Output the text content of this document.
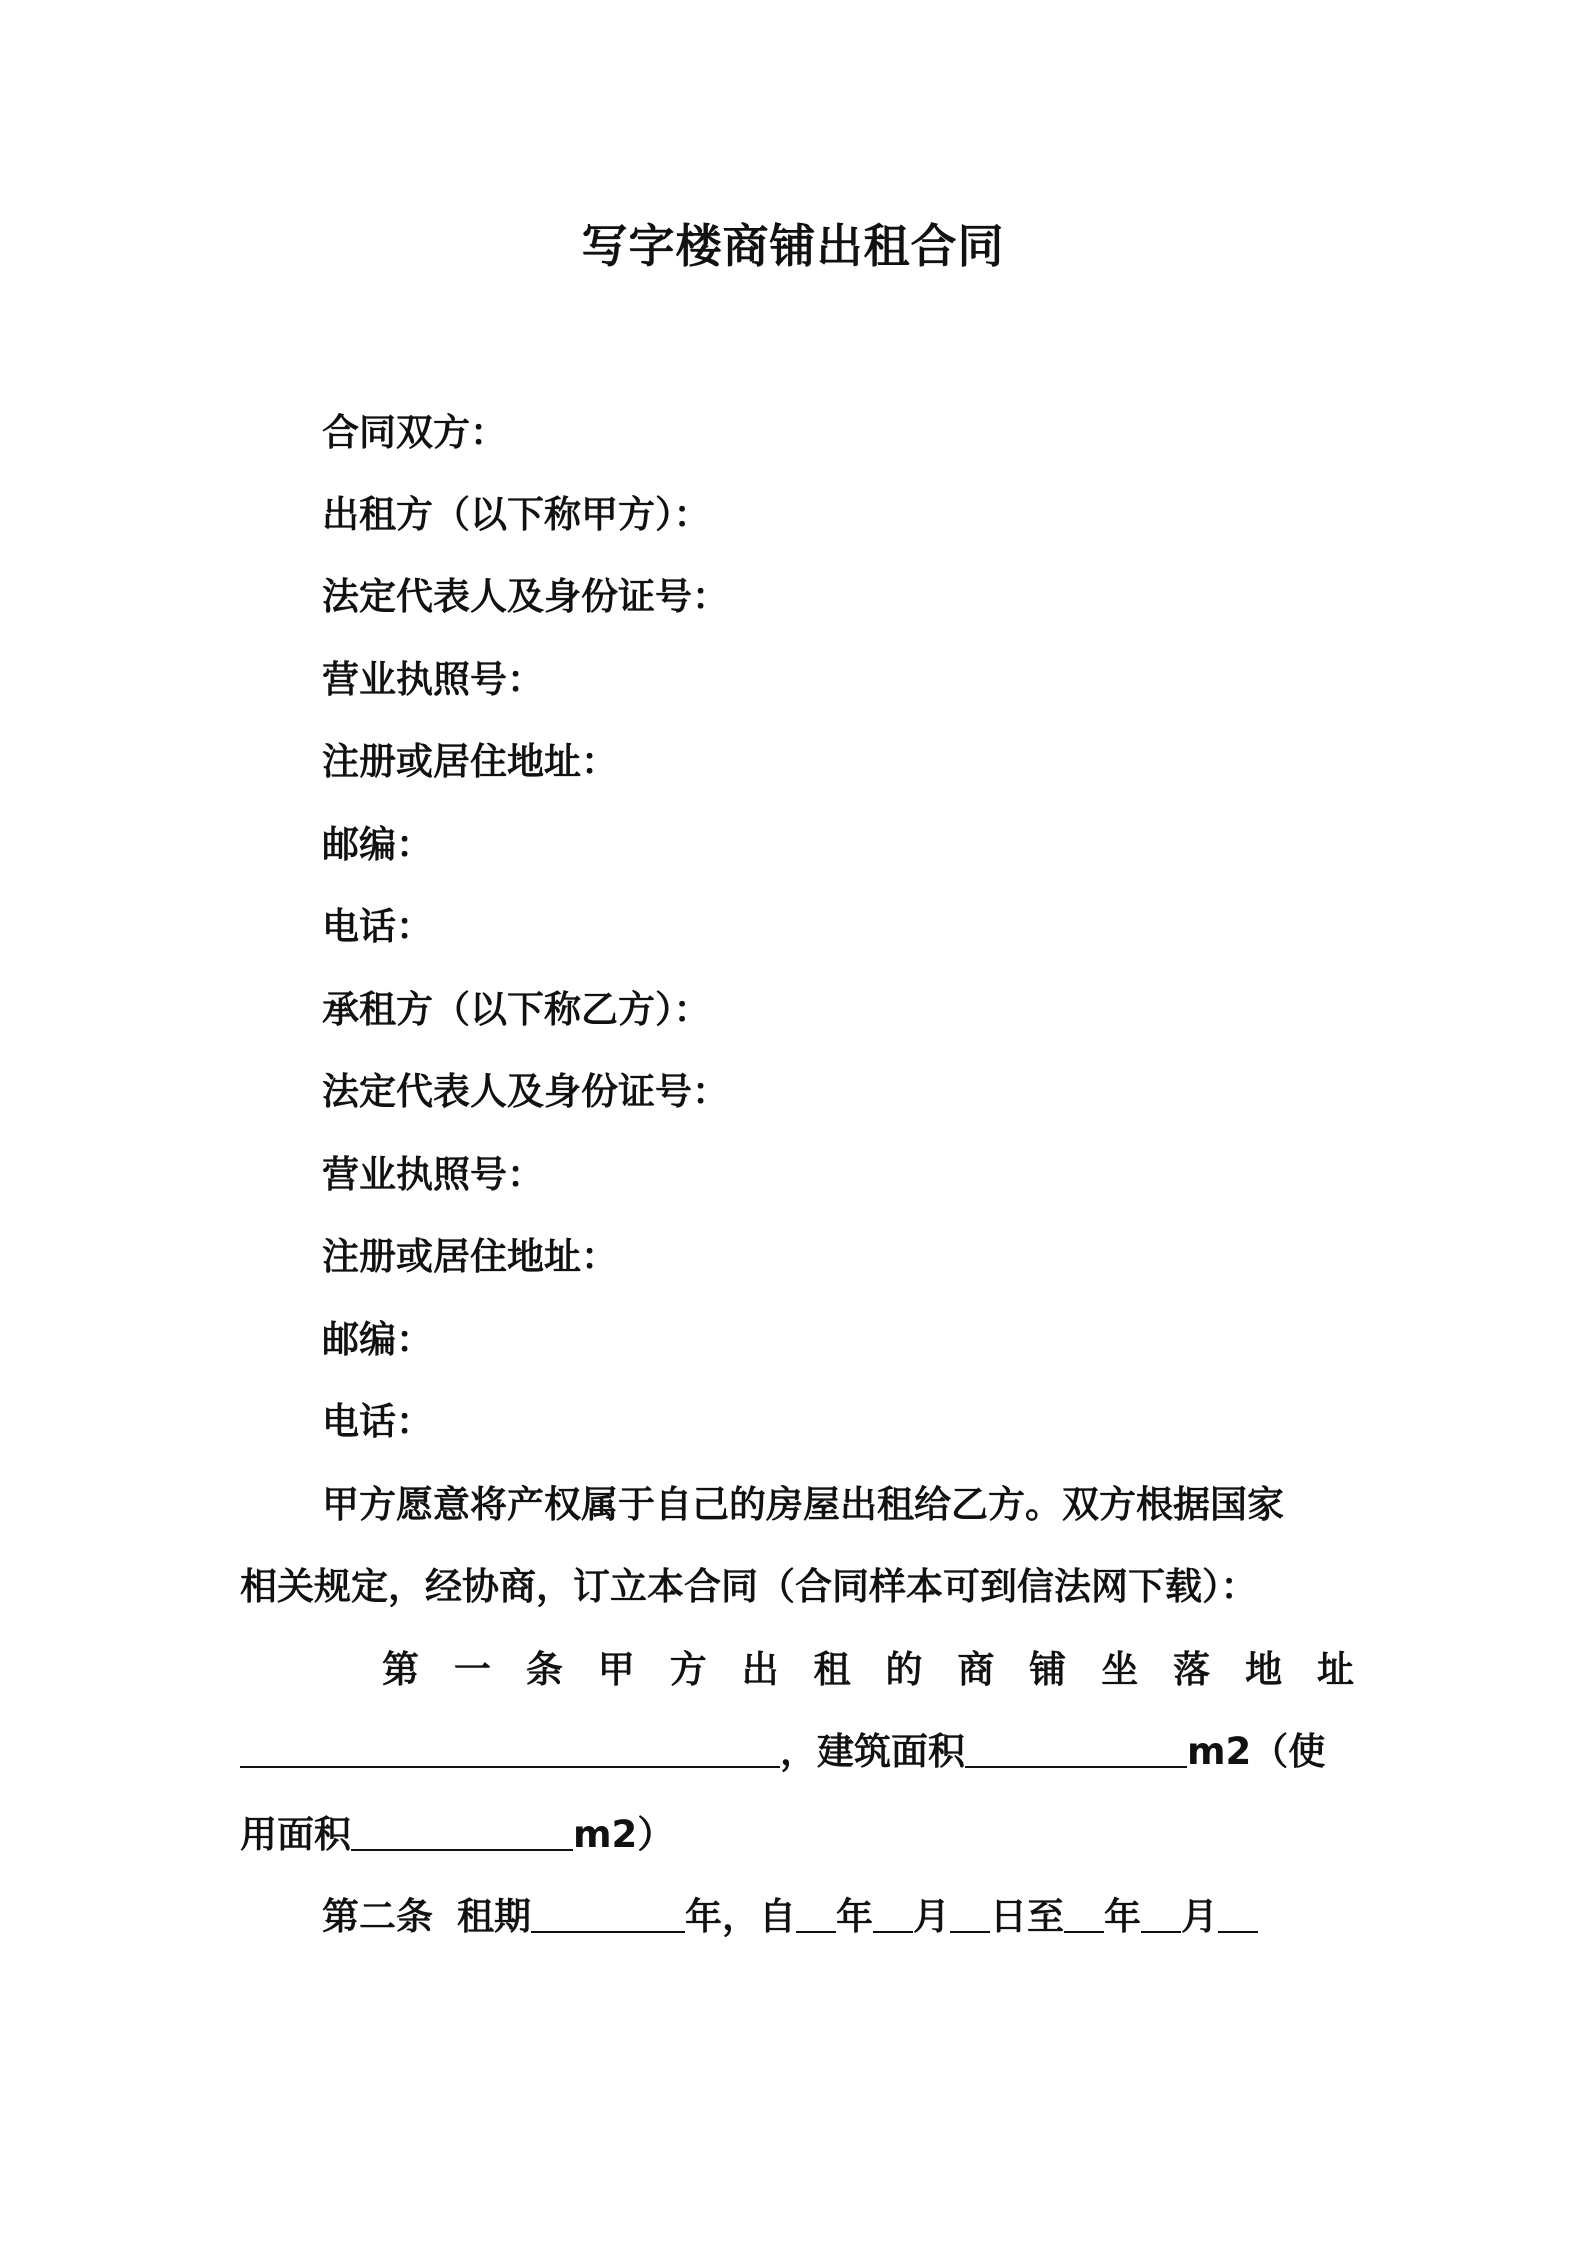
写字楼商铺出租合同
合同双方：
出租方（以下称甲方）：
法定代表人及身份证号：
营业执照号：
注册或居住地址：
邮编：
电话：
承租方（以下称乙方）：
法定代表人及身份证号：
营业执照号：
注册或居住地址：
邮编：
电话：
甲方愿意将产权属于自己的房屋出租给乙方。双方根据国家
相关规定，经协商，订立本合同（合同样本可到信法网下载）：
第 一 条 甲 方 出 租 的 商 铺 坐 落 地 址
，建筑面积	m2（使
用面积	m2）
第二条 租期	年，自 年 月 日至 年 月
